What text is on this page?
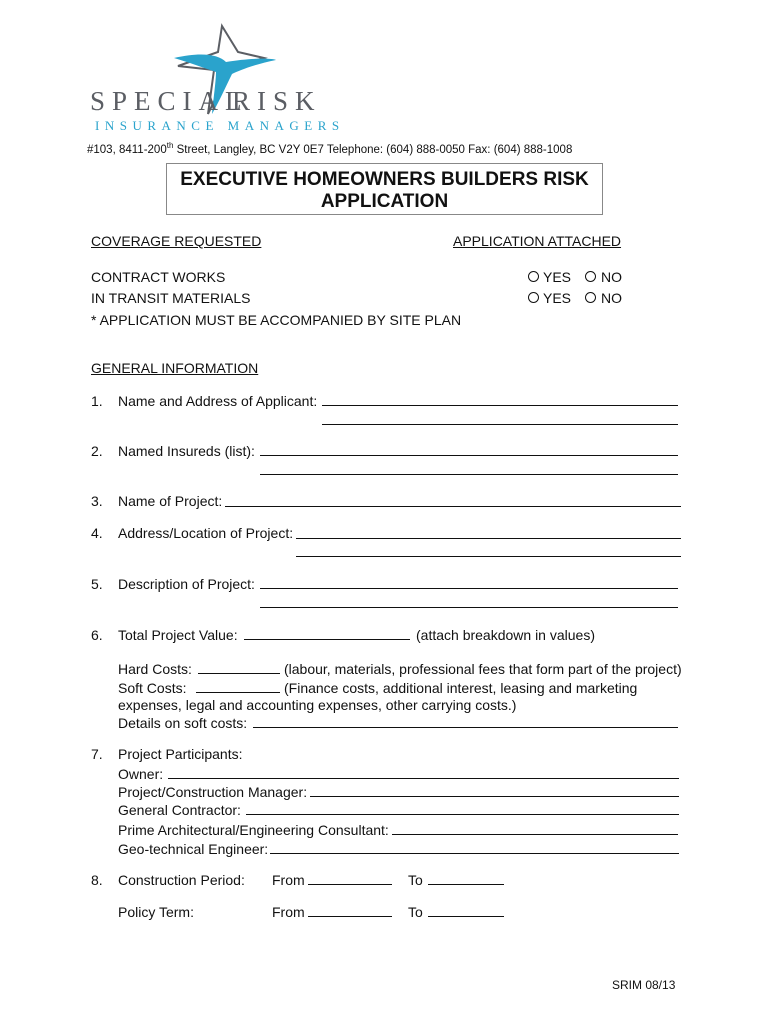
SPECIAL
RISK
INSURANCE MANAGERS
#103, 8411-200th Street, Langley, BC V2Y 0E7 Telephone: (604) 888-0050 Fax: (604) 888-1008
EXECUTIVE HOMEOWNERS BUILDERS RISK
APPLICATION
COVERAGE REQUESTED	APPLICATION ATTACHED
CONTRACT WORKS	YES NO
IN TRANSIT MATERIALS	YES NO
* APPLICATION MUST BE ACCOMPANIED BY SITE PLAN
GENERAL INFORMATION
1. Name and Address of Applicant:
2. Named Insureds (list):
3. Name of Project:
4. Address/Location of Project:
5. Description of Project:
6. Total Project Value:	(attach breakdown in values)
Hard Costs:	(labour, materials, professional fees that form part of the project)
Soft Costs:	(Finance costs, additional interest, leasing and marketing
expenses, legal and accounting expenses, other carrying costs.)
Details on soft costs:
7. Project Participants:
Owner:
Project/Construction Manager:
General Contractor:
Prime Architectural/Engineering Consultant:
Geo-technical Engineer:
8. Construction Period: From	To
Policy Term:	From	To
SRIM 08/13
